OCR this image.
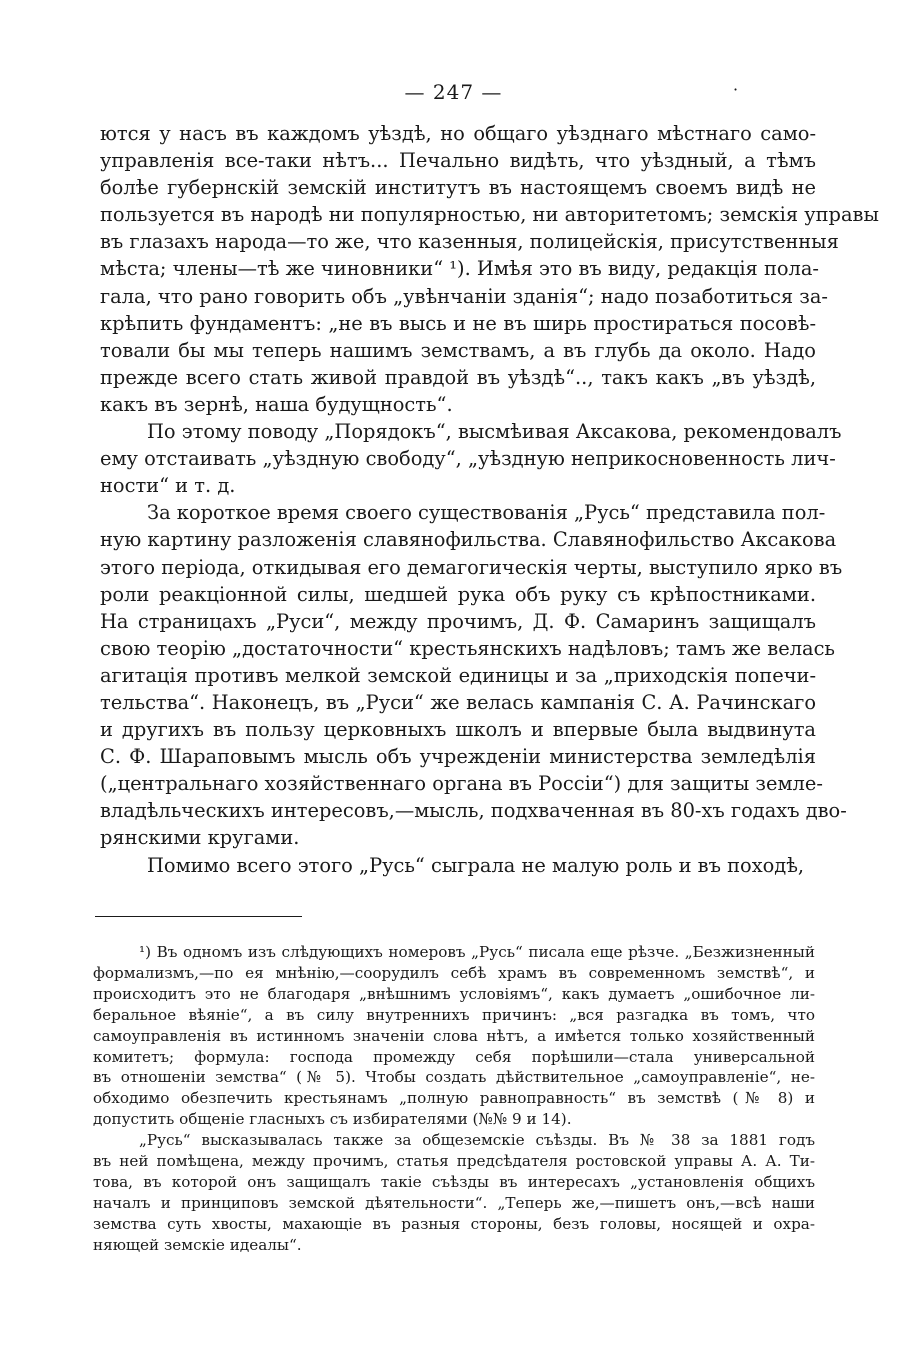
— 247 —	·

ются у насъ въ каждомъ уѣздѣ, но общаго уѣзднаго мѣстнаго само-
управленія все-таки нѣтъ... Печально видѣть, что уѣздный, а тѣмъ
болѣе губернскій земскій институтъ въ настоящемъ своемъ видѣ не
пользуется въ народѣ ни популярностью, ни авторитетомъ; земскія управы
въ глазахъ народа—то же, что казенныя, полицейскія, присутственныя
мѣста; члены—тѣ же чиновники“ ¹). Имѣя это въ виду, редакція пола-
гала, что рано говорить объ „увѣнчаніи зданія“; надо позаботиться за-
крѣпить фундаментъ: „не въ высь и не въ ширь простираться посовѣ-
товали бы мы теперь нашимъ земствамъ, а въ глубь да около. Надо
прежде всего стать живой правдой въ уѣздѣ“.., такъ какъ „въ уѣздѣ,
какъ въ зернѣ, наша будущность“.

По этому поводу „Порядокъ“, высмѣивая Аксакова, рекомендовалъ
ему отстаивать „уѣздную свободу“, „уѣздную неприкосновенность лич-
ности“ и т. д.

За короткое время своего существованія „Русь“ представила пол-
ную картину разложенія славянофильства. Славянофильство Аксакова
этого періода, откидывая его демагогическія черты, выступило ярко въ
роли реакціонной силы, шедшей рука объ руку съ крѣпостниками.
На страницахъ „Руси“, между прочимъ, Д. Ф. Самаринъ защищалъ
свою теорію „достаточности“ крестьянскихъ надѣловъ; тамъ же велась
агитація противъ мелкой земской единицы и за „приходскія попечи-
тельства“. Наконецъ, въ „Руси“ же велась кампанія С. А. Рачинскаго
и другихъ въ пользу церковныхъ школъ и впервые была выдвинута
С. Ф. Шараповымъ мысль объ учрежденіи министерства земледѣлія
(„центральнаго хозяйственнаго органа въ Россіи“) для защиты земле-
владѣльческихъ интересовъ,—мысль, подхваченная въ 80-хъ годахъ дво-
рянскими кругами.

Помимо всего этого „Русь“ сыграла не малую роль и въ походѣ,

¹) Въ одномъ изъ слѣдующихъ номеровъ „Русь“ писала еще рѣзче. „Безжизненный
формализмъ,—по ея мнѣнію,—соорудилъ себѣ храмъ въ современномъ земствѣ“, и
происходитъ это не благодаря „внѣшнимъ условіямъ“, какъ думаетъ „ошибочное ли-
беральное вѣяніе“, а въ силу внутреннихъ причинъ: „вся разгадка въ томъ, что
самоуправленія въ истинномъ значеніи слова нѣтъ, а имѣется только хозяйственный
комитетъ; формула: господа промежду себя порѣшили—стала универсальной
въ отношеніи земства“ (№ 5). Чтобы создать дѣйствительное „самоуправленіе“, не-
обходимо обезпечить крестьянамъ „полную равноправность“ въ земствѣ (№ 8) и
допустить общеніе гласныхъ съ избирателями (№№ 9 и 14).
„Русь“ высказывалась также за общеземскіе съѣзды. Въ № 38 за 1881 годъ
въ ней помѣщена, между прочимъ, статья предсѣдателя ростовской управы А. А. Ти-
това, въ которой онъ защищалъ такіе съѣзды въ интересахъ „установленія общихъ
началъ и принциповъ земской дѣятельности“. „Теперь же,—пишетъ онъ,—всѣ наши
земства суть хвосты, махающіе въ разныя стороны, безъ головы, носящей и охра-
няющей земскіе идеалы“.
